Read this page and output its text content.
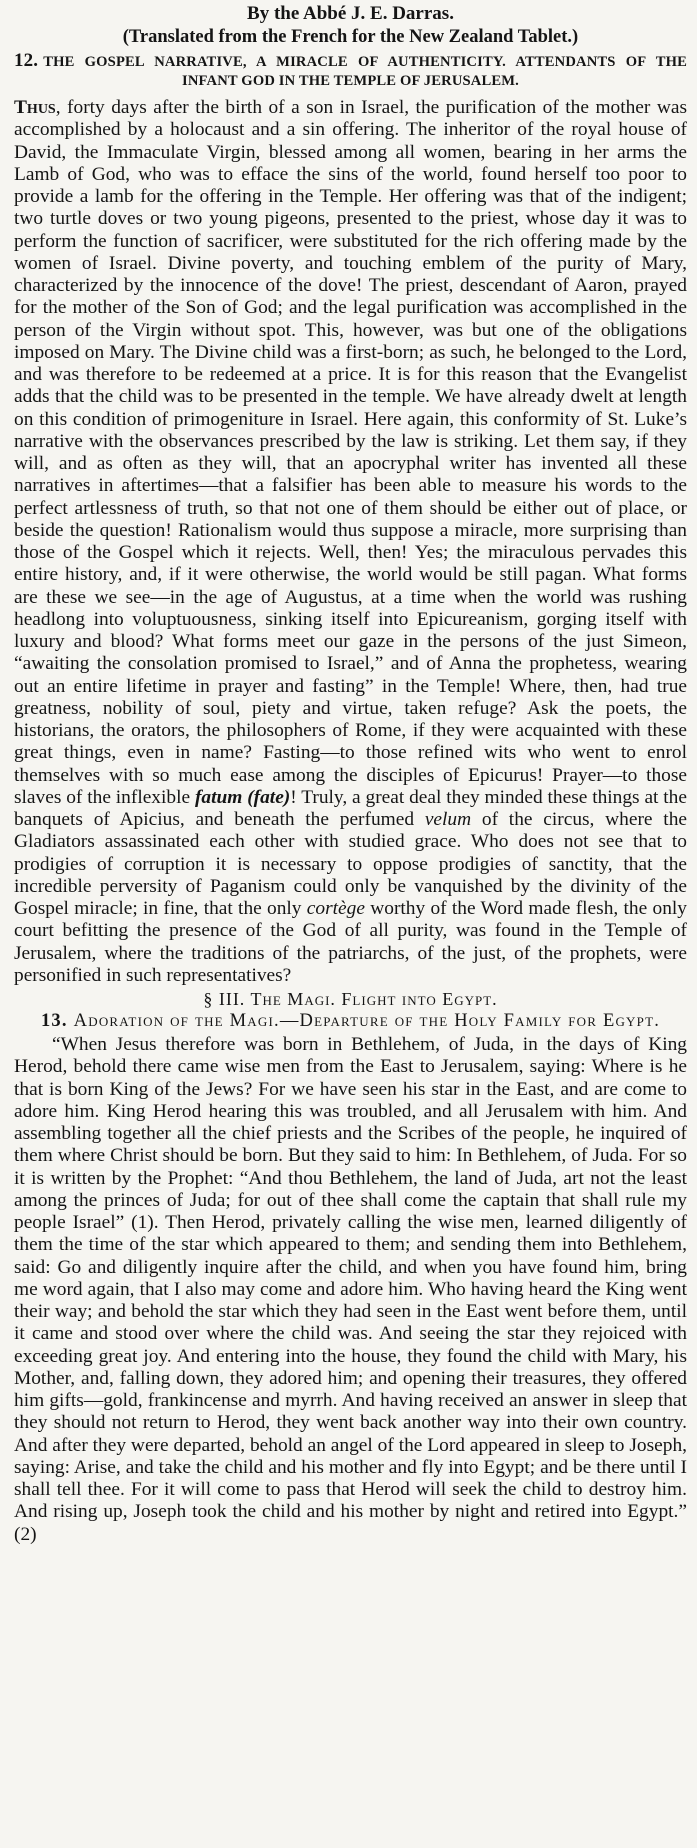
By the Abbé J. E. Darras.
(Translated from the French for the New Zealand Tablet.)
12. THE GOSPEL NARRATIVE, A MIRACLE OF AUTHENTICITY. ATTENDANTS OF THE INFANT GOD IN THE TEMPLE OF JERUSALEM.

Thus, forty days after the birth of a son in Israel, the purification of the mother was accomplished by a holocaust and a sin offering. The inheritor of the royal house of David, the Immaculate Virgin, blessed among all women, bearing in her arms the Lamb of God, who was to efface the sins of the world, found herself too poor to provide a lamb for the offering in the Temple. Her offering was that of the indigent; two turtle doves or two young pigeons, presented to the priest, whose day it was to perform the function of sacrificer, were substituted for the rich offering made by the women of Israel. Divine poverty, and touching emblem of the purity of Mary, characterized by the innocence of the dove! The priest, descendant of Aaron, prayed for the mother of the Son of God; and the legal purification was accomplished in the person of the Virgin without spot. This, however, was but one of the obligations imposed on Mary. The Divine child was a first-born; as such, he belonged to the Lord, and was therefore to be redeemed at a price. It is for this reason that the Evangelist adds that the child was to be presented in the temple. We have already dwelt at length on this condition of primogeniture in Israel. Here again, this conformity of St. Luke’s narrative with the observances prescribed by the law is striking. Let them say, if they will, and as often as they will, that an apocryphal writer has invented all these narratives in aftertimes—that a falsifier has been able to measure his words to the perfect artlessness of truth, so that not one of them should be either out of place, or beside the question! Rationalism would thus suppose a miracle, more surprising than those of the Gospel which it rejects. Well, then! Yes; the miraculous pervades this entire history, and, if it were otherwise, the world would be still pagan. What forms are these we see—in the age of Augustus, at a time when the world was rushing headlong into voluptuousness, sinking itself into Epicureanism, gorging itself with luxury and blood? What forms meet our gaze in the persons of the just Simeon, “awaiting the consolation promised to Israel,” and of Anna the prophetess, wearing out an entire lifetime in prayer and fasting” in the Temple! Where, then, had true greatness, nobility of soul, piety and virtue, taken refuge? Ask the poets, the historians, the orators, the philosophers of Rome, if they were acquainted with these great things, even in name? Fasting—to those refined wits who went to enrol themselves with so much ease among the disciples of Epicurus! Prayer—to those slaves of the inflexible fatum (fate)! Truly, a great deal they minded these things at the banquets of Apicius, and beneath the perfumed velum of the circus, where the Gladiators assassinated each other with studied grace. Who does not see that to prodigies of corruption it is necessary to oppose prodigies of sanctity, that the incredible perversity of Paganism could only be vanquished by the divinity of the Gospel miracle; in fine, that the only cortège worthy of the Word made flesh, the only court befitting the presence of the God of all purity, was found in the Temple of Jerusalem, where the traditions of the patriarchs, of the just, of the prophets, were personified in such representatives?

§ III. The Magi. Flight into Egypt.
13. Adoration of the Magi.—Departure of the Holy Family for Egypt.
“When Jesus therefore was born in Bethlehem, of Juda, in the days of King Herod, behold there came wise men from the East to Jerusalem, saying: Where is he that is born King of the Jews? For we have seen his star in the East, and are come to adore him. King Herod hearing this was troubled, and all Jerusalem with him. And assembling together all the chief priests and the Scribes of the people, he inquired of them where Christ should be born. But they said to him: In Bethlehem, of Juda. For so it is written by the Prophet: “And thou Bethlehem, the land of Juda, art not the least among the princes of Juda; for out of thee shall come the captain that shall rule my people Israel” (1). Then Herod, privately calling the wise men, learned diligently of them the time of the star which appeared to them; and sending them into Bethlehem, said: Go and diligently inquire after the child, and when you have found him, bring me word again, that I also may come and adore him. Who having heard the King went their way; and behold the star which they had seen in the East went before them, until it came and stood over where the child was. And seeing the star they rejoiced with exceeding great joy. And entering into the house, they found the child with Mary, his Mother, and, falling down, they adored him; and opening their treasures, they offered him gifts—gold, frankincense and myrrh. And having received an answer in sleep that they should not return to Herod, they went back another way into their own country. And after they were departed, behold an angel of the Lord appeared in sleep to Joseph, saying: Arise, and take the child and his mother and fly into Egypt; and be there until I shall tell thee. For it will come to pass that Herod will seek the child to destroy him. And rising up, Joseph took the child and his mother by night and retired into Egypt.” (2)
